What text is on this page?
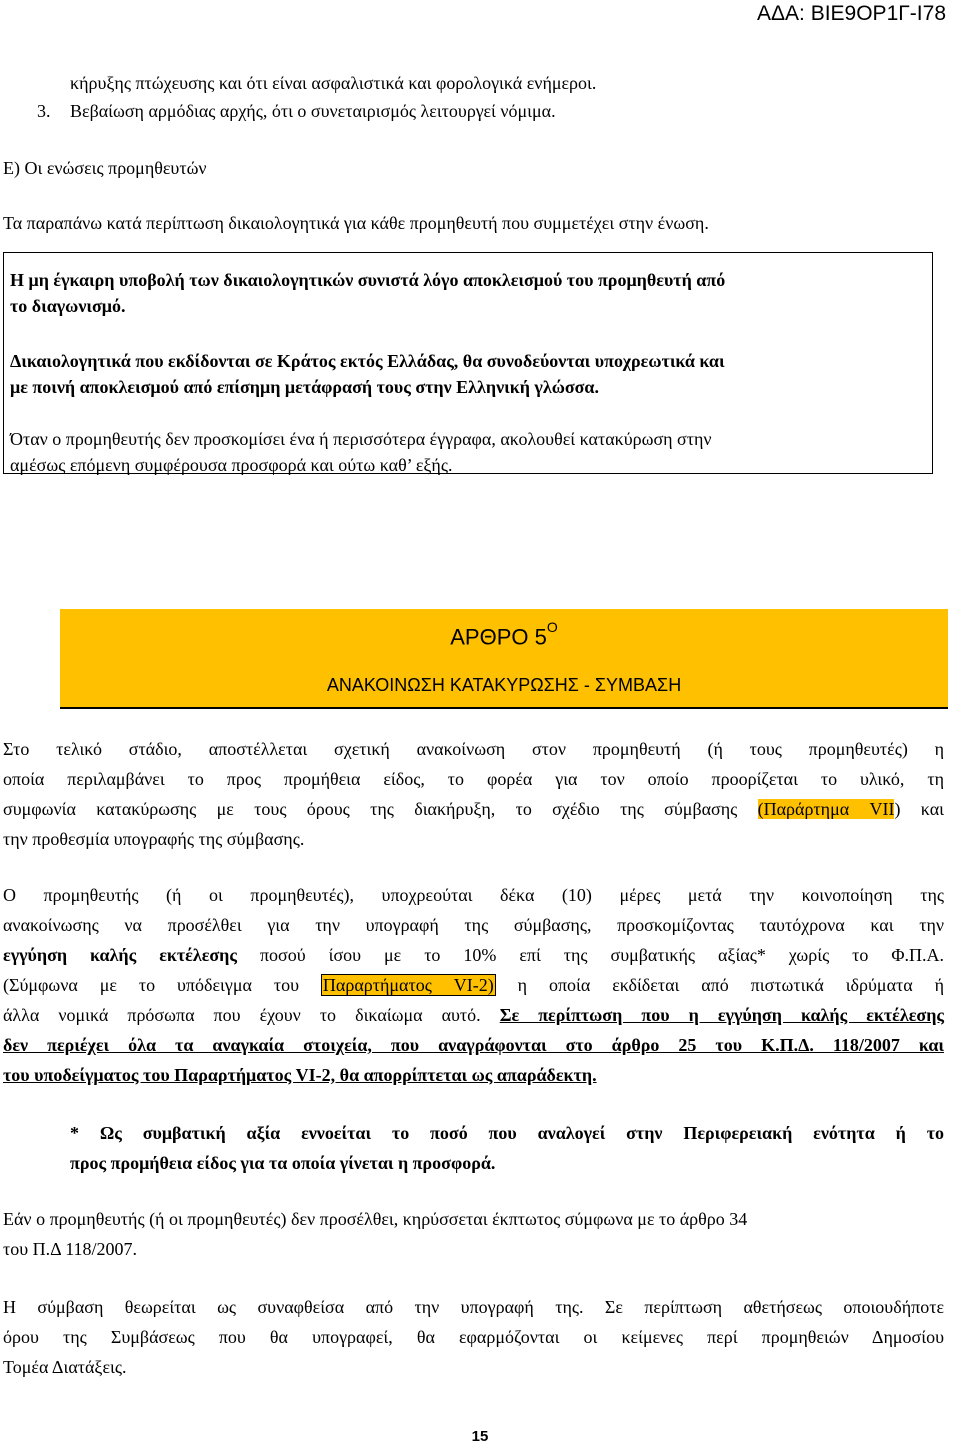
ΑΔΑ: ΒΙΕ9ΟΡ1Γ-Ι78
κήρυξης πτώχευσης και ότι είναι ασφαλιστικά και φορολογικά ενήμεροι.
3. Βεβαίωση αρμόδιας αρχής, ότι ο συνεταιρισμός λειτουργεί νόμιμα.
Ε) Οι ενώσεις προμηθευτών
Τα παραπάνω κατά περίπτωση δικαιολογητικά για κάθε προμηθευτή που συμμετέχει στην ένωση.
Η μη έγκαιρη υποβολή των δικαιολογητικών συνιστά λόγο αποκλεισμού του προμηθευτή από
το διαγωνισμό.
Δικαιολογητικά που εκδίδονται σε Κράτος εκτός Ελλάδας, θα συνοδεύονται υποχρεωτικά και
με ποινή αποκλεισμού από επίσημη μετάφρασή τους στην Ελληνική γλώσσα.
Όταν ο προμηθευτής δεν προσκομίσει ένα ή περισσότερα έγγραφα, ακολουθεί κατακύρωση στην
αμέσως επόμενη συμφέρουσα προσφορά και ούτω καθ’ εξής.
ΑΡΘΡΟ $5^O$
ΑΝΑΚΟΙΝΩΣΗ ΚΑΤΑΚΥΡΩΣΗΣ - ΣΥΜΒΑΣΗ
Στο τελικό στάδιο, αποστέλλεται σχετική ανακοίνωση στον προμηθευτή (ή τους προμηθευτές) η
οποία περιλαμβάνει το προς προμήθεια είδος, το φορέα για τον οποίο προορίζεται το υλικό, τη
συμφωνία κατακύρωσης με τους όρους της διακήρυξη, το σχέδιο της σύμβασης (Παράρτημα VII) και
την προθεσμία υπογραφής της σύμβασης.
Ο προμηθευτής (ή οι προμηθευτές), υποχρεούται δέκα (10) μέρες μετά την κοινοποίηση της
ανακοίνωσης να προσέλθει για την υπογραφή της σύμβασης, προσκομίζοντας ταυτόχρονα και την
εγγύηση καλής εκτέλεσης ποσού ίσου με το 10% επί της συμβατικής αξίας* χωρίς το Φ.Π.Α.
(Σύμφωνα με το υπόδειγμα του Παραρτήματος VI-2) η οποία εκδίδεται από πιστωτικά ιδρύματα ή
άλλα νομικά πρόσωπα που έχουν το δικαίωμα αυτό. Σε περίπτωση που η εγγύηση καλής εκτέλεσης
δεν περιέχει όλα τα αναγκαία στοιχεία, που αναγράφονται στο άρθρο 25 του Κ.Π.Δ. 118/2007 και
του υποδείγματος του Παραρτήματος VI-2, θα απορρίπτεται ως απαράδεκτη.
* Ως συμβατική αξία εννοείται το ποσό που αναλογεί στην Περιφερειακή ενότητα ή το
προς προμήθεια είδος για τα οποία γίνεται η προσφορά.
Εάν ο προμηθευτής (ή οι προμηθευτές) δεν προσέλθει, κηρύσσεται έκπτωτος σύμφωνα με το άρθρο 34
του Π.Δ 118/2007.
Η σύμβαση θεωρείται ως συναφθείσα από την υπογραφή της. Σε περίπτωση αθετήσεως οποιουδήποτε
όρου της Συμβάσεως που θα υπογραφεί, θα εφαρμόζονται οι κείμενες περί προμηθειών Δημοσίου
Τομέα Διατάξεις.
15
